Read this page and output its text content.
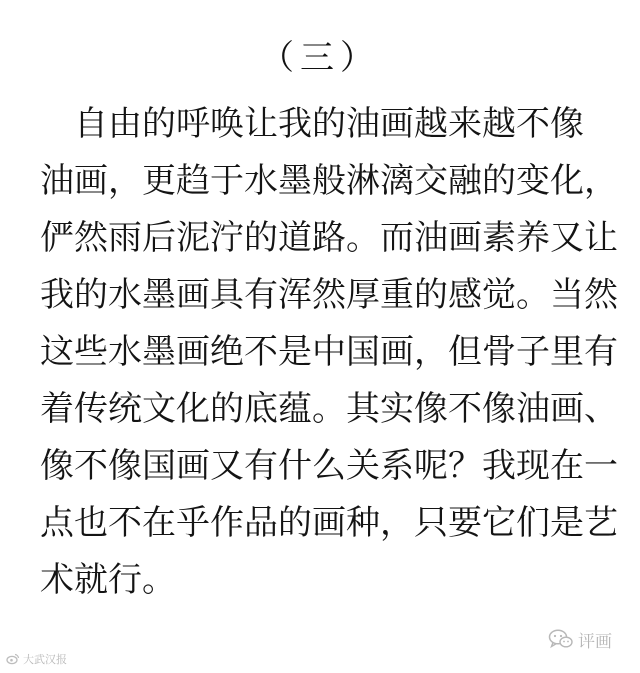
（三）
　自由的呼唤让我的油画越来越不像
油画，更趋于水墨般淋漓交融的变化，
俨然雨后泥泞的道路。而油画素养又让
我的水墨画具有浑然厚重的感觉。当然
这些水墨画绝不是中国画，但骨子里有
着传统文化的底蕴。其实像不像油画、
像不像国画又有什么关系呢？我现在一
点也不在乎作品的画种，只要它们是艺
术就行。
大武汉报
评画
